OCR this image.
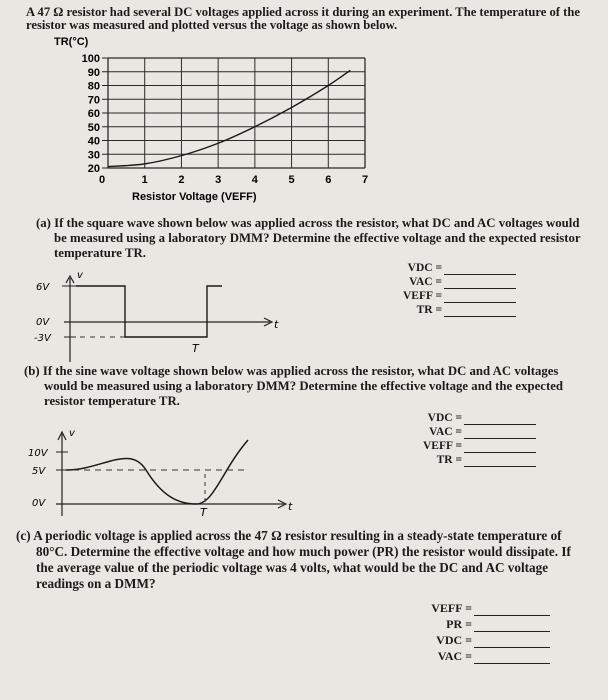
A 47 Ω resistor had several DC voltages applied across it during an experiment. The temperature of the
resistor was measured and plotted versus the voltage as shown below.
100
90
80
70
60
50
40
30
20
0	1	2	3	4	5	6	7
TR(°C)
Resistor Voltage (VEFF)
(a) If the square wave shown below was applied across the resistor, what DC and AC voltages would
be measured using a laboratory DMM? Determine the effective voltage and the expected resistor
temperature TR.
v
6V
0V
-3V
T
t
VDC =
VAC =
VEFF =
TR =
(b) If the sine wave voltage shown below was applied across the resistor, what DC and AC voltages
would be measured using a laboratory DMM? Determine the effective voltage and the expected
resistor temperature TR.
v
10V
5V
0V
T	t
VDC =
VAC =
VEFF =
TR =
(c) A periodic voltage is applied across the 47 Ω resistor resulting in a steady-state temperature of
80°C. Determine the effective voltage and how much power (PR) the resistor would dissipate. If
the average value of the periodic voltage was 4 volts, what would be the DC and AC voltage
readings on a DMM?
VEFF =
PR =
VDC =
VAC =
